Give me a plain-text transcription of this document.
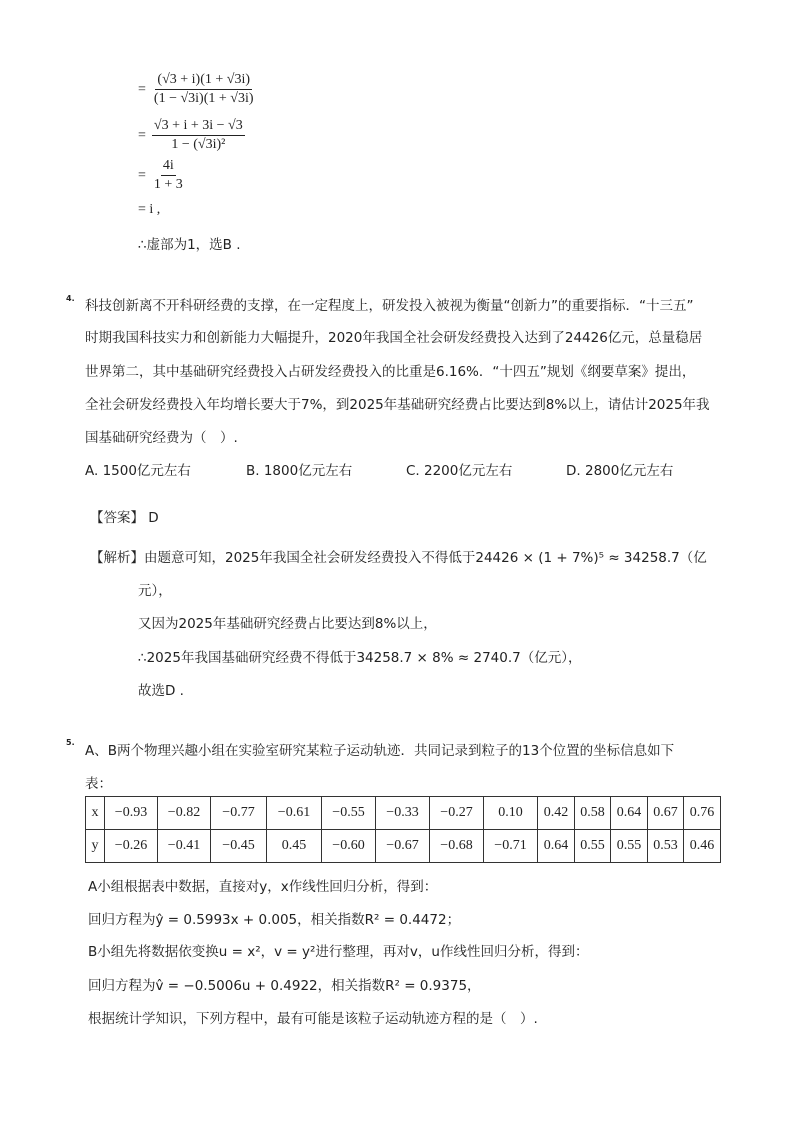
= $\frac{(√3 + i)(1 + √3i)}{(1 - √3i)(1 + √3i)}$
= $\frac{√3 + i + 3i - √3}{\text{1 − (√3i)²}}$
= $\frac{4i}{1 + 3}$
= i ,
∴虚部为1，选B .
4. 科技创新离不开科研经费的支撑，在一定程度上，研发投入被视为衡量“创新力”的重要指标．“十三五”
时期我国科技实力和创新能力大幅提升，2020年我国全社会研发经费投入达到了24426亿元，总量稳居
世界第二，其中基础研究经费投入占研发经费投入的比重是6.16%．“十四五”规划《纲要草案》提出，
全社会研发经费投入年均增长要大于7%，到2025年基础研究经费占比要达到8%以上，请估计2025年我
国基础研究经费为（　）.
A. 1500亿元左右	B. 1800亿元左右	C. 2200亿元左右	D. 2800亿元左右
【答案】 D
【解析】由题意可知，2025年我国全社会研发经费投入不得低于24426 × (1 + 7%)⁵ ≈ 34258.7（亿
元），
又因为2025年基础研究经费占比要达到8%以上，
∴2025年我国基础研究经费不得低于34258.7 × 8% ≈ 2740.7（亿元），
故选D .
5.
A、B两个物理兴趣小组在实验室研究某粒子运动轨迹．共同记录到粒子的13个位置的坐标信息如下
表：
x	−0.93	−0.82	−0.77	−0.61	−0.55	−0.33	−0.27	0.10	0.42	0.58	0.64	0.67	0.76
y	−0.26	−0.41	−0.45	0.45	−0.60	−0.67	−0.68	−0.71	0.64	0.55	0.55	0.53	0.46
A小组根据表中数据，直接对y，x作线性回归分析，得到：
回归方程为ŷ = 0.5993x + 0.005，相关指数R² = 0.4472；
B小组先将数据依变换u = x²，v = y²进行整理，再对v，u作线性回归分析，得到：
回归方程为v̂ = −0.5006u + 0.4922，相关指数R² = 0.9375，
根据统计学知识，下列方程中，最有可能是该粒子运动轨迹方程的是（　）.
